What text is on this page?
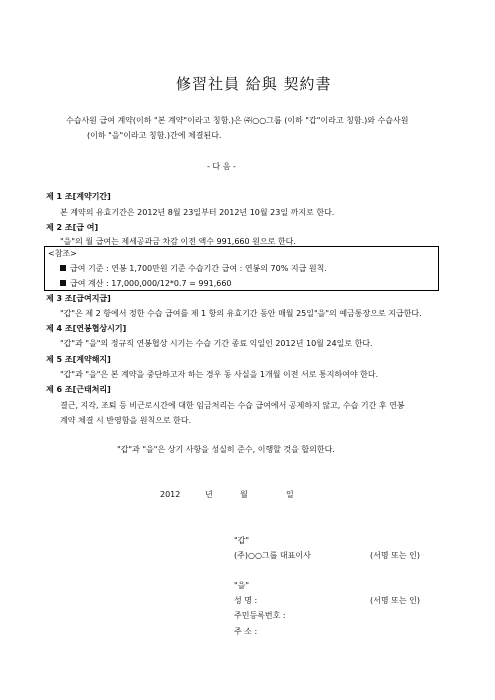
修習社員 給與 契約書
수습사원 급여 계약(이하 "본 계약"이라고 칭함.)은 ㈜○○그룹 (이하 "갑"이라고 칭함.)와 수습사원
(이하 "을"이라고 칭함.)간에 체결된다.
- 다 음 -
제 1 조[계약기간]
본 계약의 유효기간은 2012년 8월 23일부터 2012년 10월 23일 까지로 한다.
제 2 조[급 여]
"을"의 월 급여는 제세공과금 차감 이전 액수 991,660 원으로 한다.
<참조>
급여 기준 : 연봉 1,700만원 기준 수습기간 급여 : 연봉의 70% 지급 원칙.
급여 계산 : 17,000,000/12*0.7 = 991,660
제 3 조[급여지급]
"갑"은 제 2 항에서 정한 수습 급여를 제 1 항의 유효기간 동안 매월 25일"을"의 예금통장으로 지급한다.
제 4 조[연봉협상시기]
"갑"과 "을"의 정규직 연봉협상 시기는 수습 기간 종료 익일인 2012년 10월 24일로 한다.
제 5 조[계약해지]
"갑"과 "을"은 본 계약을 중단하고자 하는 경우 동 사실을 1개월 이전 서로 통지하여야 한다.
제 6 조[근태처리]
결근, 지각, 조퇴 등 비근로시간에 대한 임금처리는 수습 급여에서 공제하지 않고, 수습 기간 후 연봉
계약 체결 시 반영함을 원칙으로 한다.
"갑"과 "을"은 상기 사항을 성실히 준수, 이행할 것을 합의한다.
2012	년	월	일
"갑"
(주)○○그룹 대표이사	(서명 또는 인)
"을"
성 명 :	(서명 또는 인)
주민등록번호 :
주 소 :
